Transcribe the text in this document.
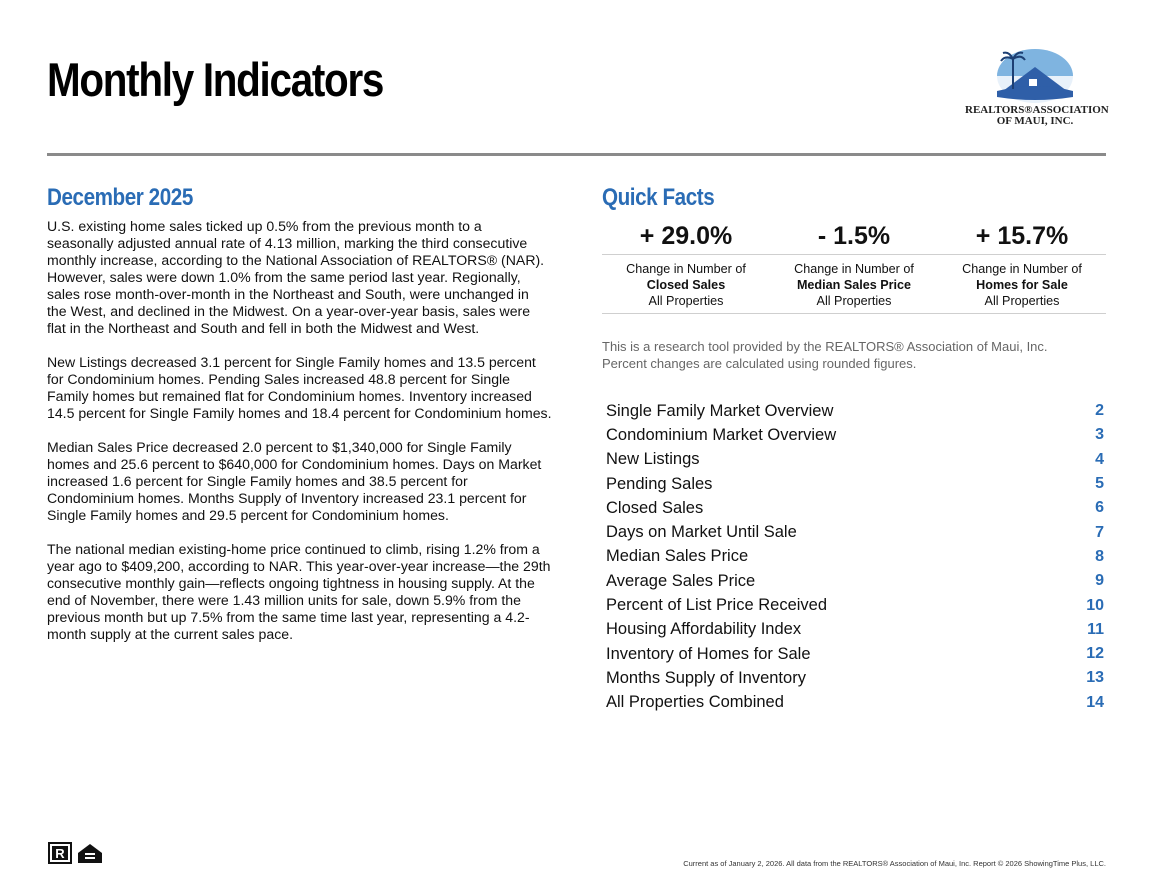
Monthly Indicators
REALTORS®ASSOCIATION
OF MAUI, INC.
December 2025

U.S. existing home sales ticked up 0.5% from the previous month to a seasonally adjusted annual rate of 4.13 million, marking the third consecutive monthly increase, according to the National Association of REALTORS® (NAR). However, sales were down 1.0% from the same period last year. Regionally, sales rose month-over-month in the Northeast and South, were unchanged in the West, and declined in the Midwest. On a year-over-year basis, sales were flat in the Northeast and South and fell in both the Midwest and West.

New Listings decreased 3.1 percent for Single Family homes and 13.5 percent for Condominium homes. Pending Sales increased 48.8 percent for Single Family homes but remained flat for Condominium homes. Inventory increased 14.5 percent for Single Family homes and 18.4 percent for Condominium homes.

Median Sales Price decreased 2.0 percent to $1,340,000 for Single Family homes and 25.6 percent to $640,000 for Condominium homes. Days on Market increased 1.6 percent for Single Family homes and 38.5 percent for Condominium homes. Months Supply of Inventory increased 23.1 percent for Single Family homes and 29.5 percent for Condominium homes.

The national median existing-home price continued to climb, rising 1.2% from a year ago to $409,200, according to NAR. This year-over-year increase—the 29th consecutive monthly gain—reflects ongoing tightness in housing supply. At the end of November, there were 1.43 million units for sale, down 5.9% from the previous month but up 7.5% from the same time last year, representing a 4.2-month supply at the current sales pace.

Quick Facts
+ 29.0%	- 1.5%	+ 15.7%
Change in Number of
Closed Sales
All Properties
Change in Number of
Median Sales Price
All Properties
Change in Number of
Homes for Sale
All Properties
This is a research tool provided by the REALTORS® Association of Maui, Inc.
Percent changes are calculated using rounded figures.
Single Family Market Overview	2
Condominium Market Overview	3
New Listings	4
Pending Sales	5
Closed Sales	6
Days on Market Until Sale	7
Median Sales Price	8
Average Sales Price	9
Percent of List Price Received	10
Housing Affordability Index	11
Inventory of Homes for Sale	12
Months Supply of Inventory	13
All Properties Combined	14
R
Current as of January 2, 2026. All data from the REALTORS® Association of Maui, Inc. Report © 2026 ShowingTime Plus, LLC.
